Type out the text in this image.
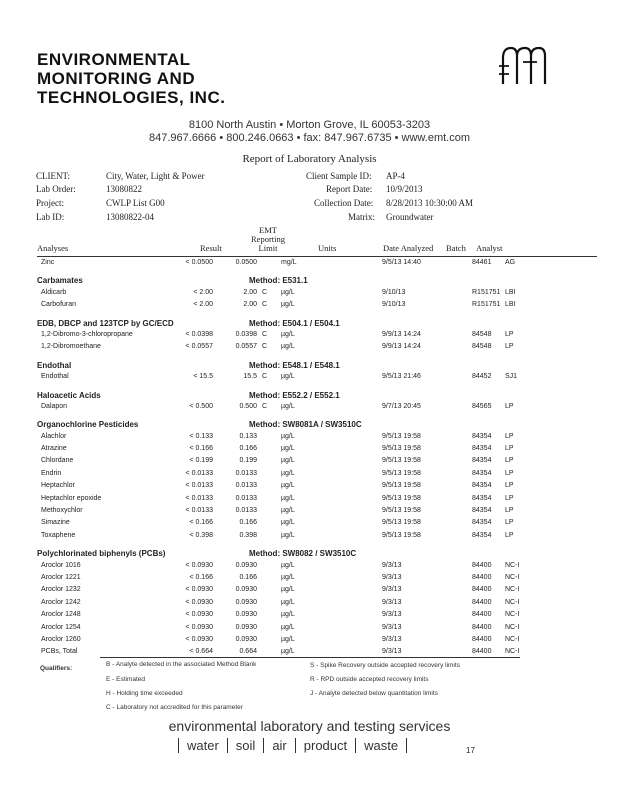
ENVIRONMENTAL
MONITORING AND
TECHNOLOGIES, INC.
8100 North Austin • Morton Grove, IL 60053-3203
847.967.6666 • 800.246.0663 • fax: 847.967.6735 • www.emt.com
Report of Laboratory Analysis
CLIENT:	City, Water, Light & Power
Lab Order:	13080822
Project:	CWLP List G00
Lab ID:	13080822-04
Client Sample ID: AP-4
Report Date: 10/9/2013
Collection Date: 8/28/2013 10:30:00 AM
Matrix: Groundwater
Analyses	Result
EMT
Reporting
Limit	Units	Date Analyzed Batch Analyst
Zinc	< 0.0500	0.0500	mg/L	9/5/13 14:40	84461 AG
Carbamates	Method: E531.1
Aldicarb	< 2.00	2.00 C µg/L	9/10/13	R151751 LBI
Carbofuran	< 2.00	2.00 C µg/L	9/10/13	R151751 LBI
EDB, DBCP and 123TCP by GC/ECD	Method: E504.1 / E504.1
1,2-Dibromo-3-chloropropane	< 0.0398	0.0398 C µg/L	9/9/13 14:24	84548 LP
1,2-Dibromoethane	< 0.0557	0.0557 C µg/L	9/9/13 14:24	84548 LP
Endothal	Method: E548.1 / E548.1
Endothal	< 15.5	15.5 C µg/L	9/5/13 21:46	84452 SJ1
Haloacetic Acids	Method: E552.2 / E552.1
Dalapon	< 0.500	0.500 C µg/L	9/7/13 20:45	84565 LP
Organochlorine Pesticides	Method: SW8081A / SW3510C
Alachlor	< 0.133	0.133	µg/L	9/5/13 19:58	84354 LP
Atrazine	< 0.166	0.166	µg/L	9/5/13 19:58	84354 LP
Chlordane	< 0.199	0.199	µg/L	9/5/13 19:58	84354 LP
Endrin	< 0.0133	0.0133	µg/L	9/5/13 19:58	84354 LP
Heptachlor	< 0.0133	0.0133	µg/L	9/5/13 19:58	84354 LP
Heptachlor epoxide	< 0.0133	0.0133	µg/L	9/5/13 19:58	84354 LP
Methoxychlor	< 0.0133	0.0133	µg/L	9/5/13 19:58	84354 LP
Simazine	< 0.166	0.166	µg/L	9/5/13 19:58	84354 LP
Toxaphene	< 0.398	0.398	µg/L	9/5/13 19:58	84354 LP
Polychlorinated biphenyls (PCBs)	Method: SW8082 / SW3510C
Aroclor 1016	< 0.0930	0.0930	µg/L	9/3/13	84400 NC-I
Aroclor 1221	< 0.166	0.166	µg/L	9/3/13	84400 NC-I
Aroclor 1232	< 0.0930	0.0930	µg/L	9/3/13	84400 NC-I
Aroclor 1242	< 0.0930	0.0930	µg/L	9/3/13	84400 NC-I
Aroclor 1248	< 0.0930	0.0930	µg/L	9/3/13	84400 NC-I
Aroclor 1254	< 0.0930	0.0930	µg/L	9/3/13	84400 NC-I
Aroclor 1260	< 0.0930	0.0930	µg/L	9/3/13	84400 NC-I
PCBs, Total	< 0.664	0.664	µg/L	9/3/13	84400 NC-I
Qualifiers:
B - Analyte detected in the associated Method Blank
E - Estimated
H - Holding time exceeded
C - Laboratory not accredited for this parameter
S - Spike Recovery outside accepted recovery limits
R - RPD outside accepted recovery limits
J - Analyte detected below quantitation limits
environmental laboratory and testing services
water soil air product waste	17
